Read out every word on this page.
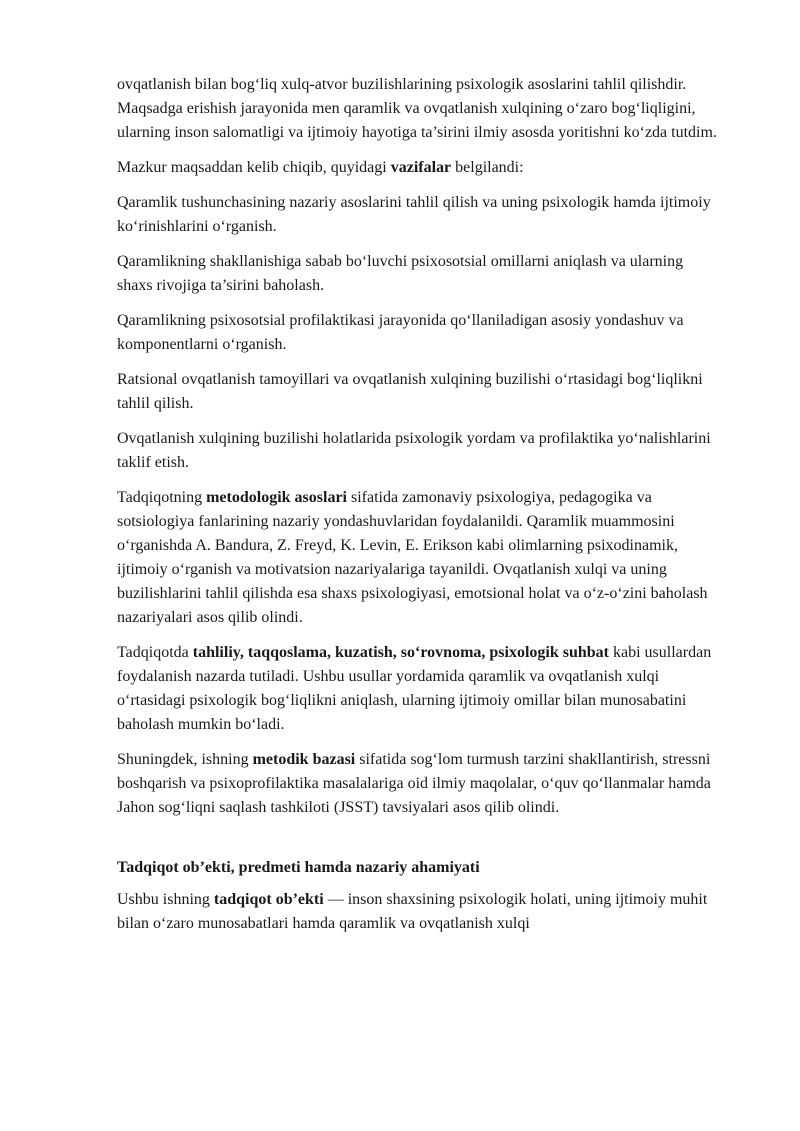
ovqatlanish bilan bog‘liq xulq-atvor buzilishlarining psixologik asoslarini tahlil qilishdir. Maqsadga erishish jarayonida men qaramlik va ovqatlanish xulqining o‘zaro bog‘liqligini, ularning inson salomatligi va ijtimoiy hayotiga ta’sirini ilmiy asosda yoritishni ko‘zda tutdim.

Mazkur maqsaddan kelib chiqib, quyidagi vazifalar belgilandi:

Qaramlik tushunchasining nazariy asoslarini tahlil qilish va uning psixologik hamda ijtimoiy ko‘rinishlarini o‘rganish.

Qaramlikning shakllanishiga sabab bo‘luvchi psixosotsial omillarni aniqlash va ularning shaxs rivojiga ta’sirini baholash.

Qaramlikning psixosotsial profilaktikasi jarayonida qo‘llaniladigan asosiy yondashuv va komponentlarni o‘rganish.

Ratsional ovqatlanish tamoyillari va ovqatlanish xulqining buzilishi o‘rtasidagi bog‘liqlikni tahlil qilish.

Ovqatlanish xulqining buzilishi holatlarida psixologik yordam va profilaktika yo‘nalishlarini taklif etish.

Tadqiqotning metodologik asoslari sifatida zamonaviy psixologiya, pedagogika va sotsiologiya fanlarining nazariy yondashuvlaridan foydalanildi. Qaramlik muammosini o‘rganishda A. Bandura, Z. Freyd, K. Levin, E. Erikson kabi olimlarning psixodinamik, ijtimoiy o‘rganish va motivatsion nazariyalariga tayanildi. Ovqatlanish xulqi va uning buzilishlarini tahlil qilishda esa shaxs psixologiyasi, emotsional holat va o‘z-o‘zini baholash nazariyalari asos qilib olindi.

Tadqiqotda tahliliy, taqqoslama, kuzatish, so‘rovnoma, psixologik suhbat kabi usullardan foydalanish nazarda tutiladi. Ushbu usullar yordamida qaramlik va ovqatlanish xulqi o‘rtasidagi psixologik bog‘liqlikni aniqlash, ularning ijtimoiy omillar bilan munosabatini baholash mumkin bo‘ladi.

Shuningdek, ishning metodik bazasi sifatida sog‘lom turmush tarzini shakllantirish, stressni boshqarish va psixoprofilaktika masalalariga oid ilmiy maqolalar, o‘quv qo‘llanmalar hamda Jahon sog‘liqni saqlash tashkiloti (JSST) tavsiyalari asos qilib olindi.

Tadqiqot ob’ekti, predmeti hamda nazariy ahamiyati

Ushbu ishning tadqiqot ob’ekti — inson shaxsining psixologik holati, uning ijtimoiy muhit bilan o‘zaro munosabatlari hamda qaramlik va ovqatlanish xulqi
